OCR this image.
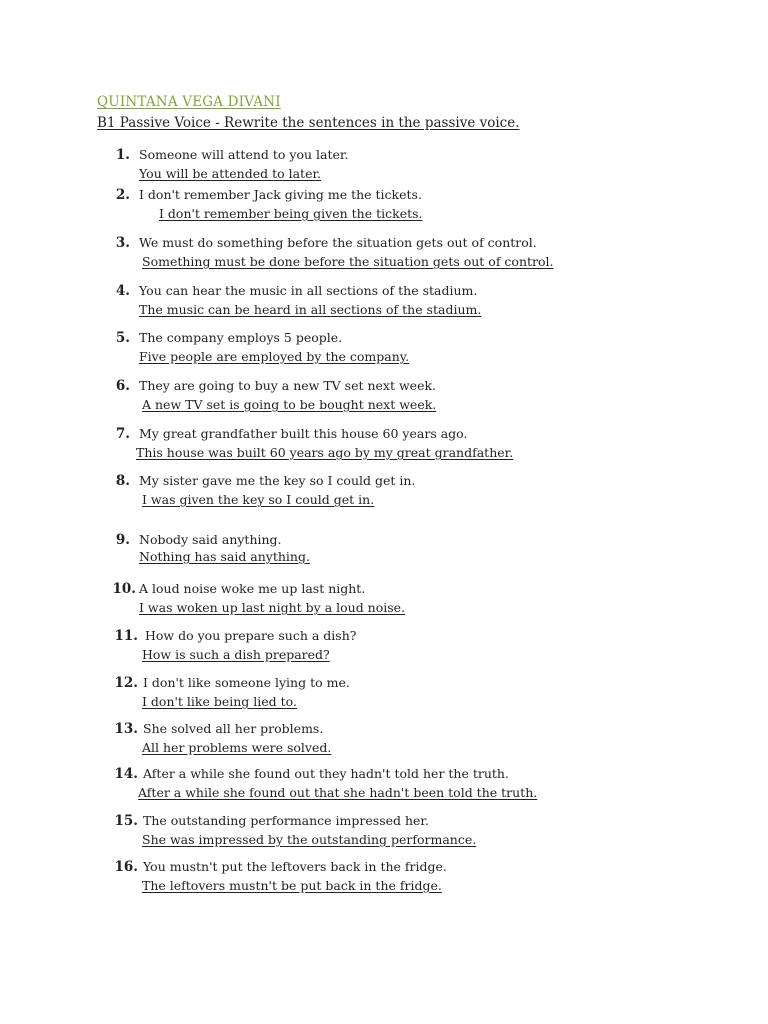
QUINTANA VEGA DIVANI
B1 Passive Voice - Rewrite the sentences in the passive voice.
1. Someone will attend to you later.
You will be attended to later.
2. I don't remember Jack giving me the tickets.
I don't remember being given the tickets.
3. We must do something before the situation gets out of control.
Something must be done before the situation gets out of control.
4. You can hear the music in all sections of the stadium.
The music can be heard in all sections of the stadium.
5. The company employs 5 people.
Five people are employed by the company.
6. They are going to buy a new TV set next week.
A new TV set is going to be bought next week.
7. My great grandfather built this house 60 years ago.
This house was built 60 years ago by my great grandfather.
8. My sister gave me the key so I could get in.
I was given the key so I could get in.
9. Nobody said anything.
Nothing has said anything.
10. A loud noise woke me up last night.
I was woken up last night by a loud noise.
11. How do you prepare such a dish?
How is such a dish prepared?
12. I don't like someone lying to me.
I don't like being lied to.
13. She solved all her problems.
All her problems were solved.
14. After a while she found out they hadn't told her the truth.
After a while she found out that she hadn't been told the truth.
15. The outstanding performance impressed her.
She was impressed by the outstanding performance.
16. You mustn't put the leftovers back in the fridge.
The leftovers mustn't be put back in the fridge.
